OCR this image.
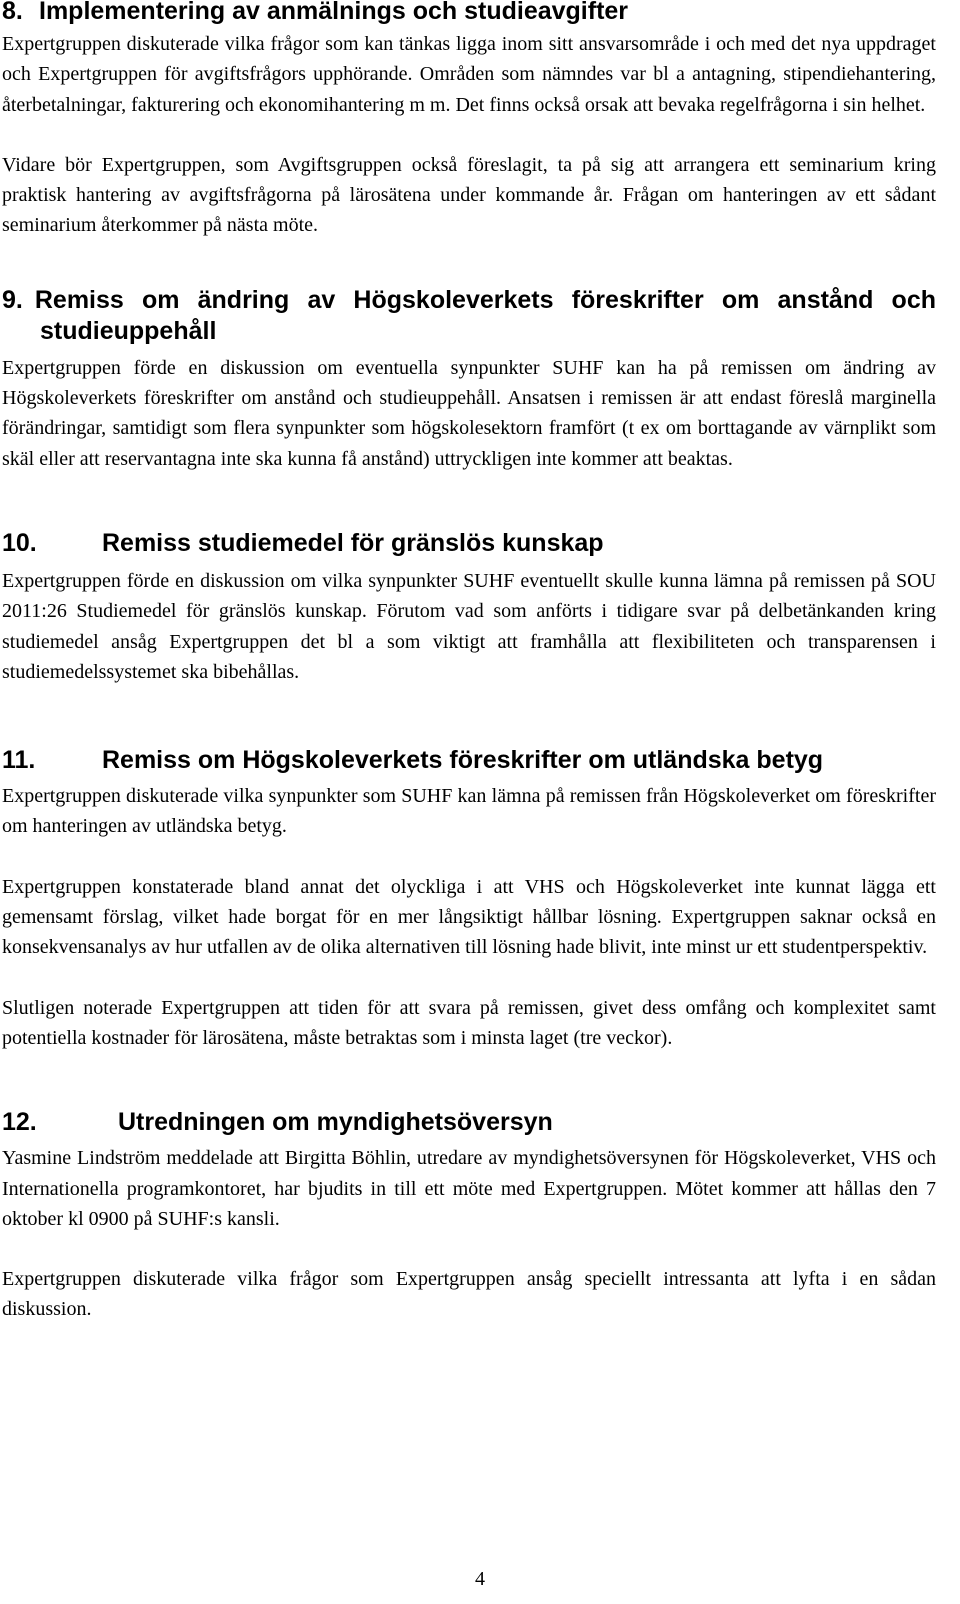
8. Implementering av anmälnings och studieavgifter

Expertgruppen diskuterade vilka frågor som kan tänkas ligga inom sitt ansvarsområde i och med det nya uppdraget och Expertgruppen för avgiftsfrågors upphörande. Områden som nämndes var bl a antagning, stipendiehantering, återbetalningar, fakturering och ekonomihantering m m. Det finns också orsak att bevaka regelfrågorna i sin helhet.

Vidare bör Expertgruppen, som Avgiftsgruppen också föreslagit, ta på sig att arrangera ett seminarium kring praktisk hantering av avgiftsfrågorna på lärosätena under kommande år. Frågan om hanteringen av ett sådant seminarium återkommer på nästa möte.

9. Remiss om ändring av Högskoleverkets föreskrifter om anstånd och studieuppehåll

Expertgruppen förde en diskussion om eventuella synpunkter SUHF kan ha på remissen om ändring av Högskoleverkets föreskrifter om anstånd och studieuppehåll. Ansatsen i remissen är att endast föreslå marginella förändringar, samtidigt som flera synpunkter som högskolesektorn framfört (t ex om borttagande av värnplikt som skäl eller att reservantagna inte ska kunna få anstånd) uttryckligen inte kommer att beaktas.

10.	Remiss studiemedel för gränslös kunskap

Expertgruppen förde en diskussion om vilka synpunkter SUHF eventuellt skulle kunna lämna på remissen på SOU 2011:26 Studiemedel för gränslös kunskap. Förutom vad som anförts i tidigare svar på delbetänkanden kring studiemedel ansåg Expertgruppen det bl a som viktigt att framhålla att flexibiliteten och transparensen i studiemedelssystemet ska bibehållas.

11.	Remiss om Högskoleverkets föreskrifter om utländska betyg

Expertgruppen diskuterade vilka synpunkter som SUHF kan lämna på remissen från Högskoleverket om föreskrifter om hanteringen av utländska betyg.

Expertgruppen konstaterade bland annat det olyckliga i att VHS och Högskoleverket inte kunnat lägga ett gemensamt förslag, vilket hade borgat för en mer långsiktigt hållbar lösning. Expertgruppen saknar också en konsekvensanalys av hur utfallen av de olika alternativen till lösning hade blivit, inte minst ur ett studentperspektiv.

Slutligen noterade Expertgruppen att tiden för att svara på remissen, givet dess omfång och komplexitet samt potentiella kostnader för lärosätena, måste betraktas som i minsta laget (tre veckor).

12.	Utredningen om myndighetsöversyn

Yasmine Lindström meddelade att Birgitta Böhlin, utredare av myndighetsöversynen för Högskoleverket, VHS och Internationella programkontoret, har bjudits in till ett möte med Expertgruppen. Mötet kommer att hållas den 7 oktober kl 0900 på SUHF:s kansli.

Expertgruppen diskuterade vilka frågor som Expertgruppen ansåg speciellt intressanta att lyfta i en sådan diskussion.

4
